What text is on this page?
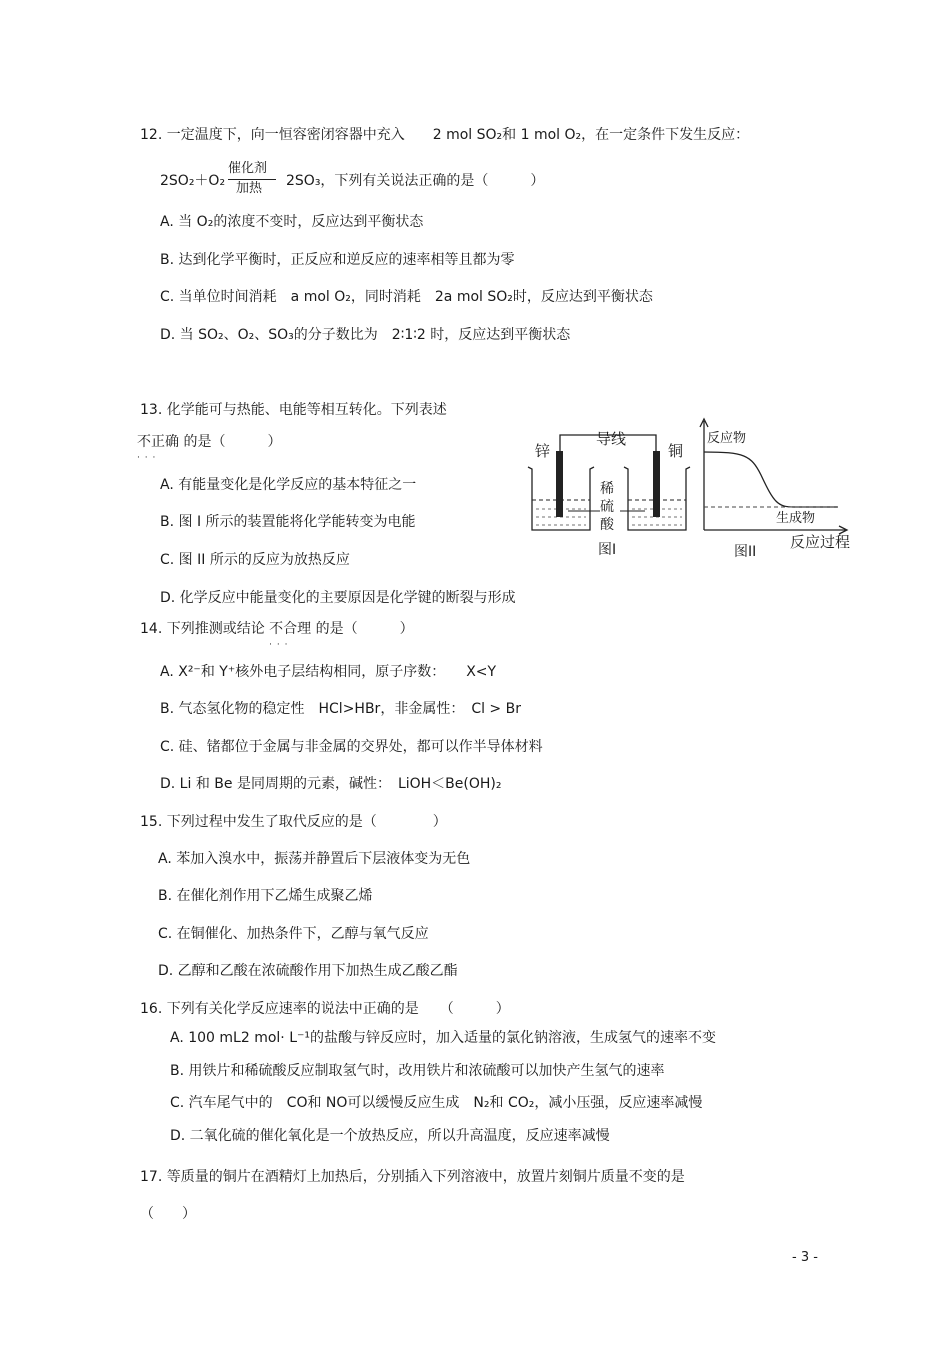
12. 一定温度下，向一恒容密闭容器中充入　　2 mol SO₂和 1 mol O₂，在一定条件下发生反应：
2SO₂＋O₂
催化剂
加热 2SO₃，下列有关说法正确的是（　　　）
A. 当 O₂的浓度不变时，反应达到平衡状态
B. 达到化学平衡时，正反应和逆反应的速率相等且都为零
C. 当单位时间消耗　a mol O₂，同时消耗　2a mol SO₂时，反应达到平衡状态
D. 当 SO₂、O₂、SO₃的分子数比为　2∶1∶2 时，反应达到平衡状态
13. 化学能可与热能、电能等相互转化。下列表述
不正确 · · · 的是（　　　）
A. 有能量变化是化学反应的基本特征之一
B. 图 I 所示的装置能将化学能转变为电能
C. 图 II 所示的反应为放热反应
D. 化学反应中能量变化的主要原因是化学键的断裂与形成
锌
导线
铜
稀
硫
酸
图I
反应物
生成物
反应过程
图II
14. 下列推测或结论 不合理 · · · 的是（　　　）
A. X²⁻和 Y⁺核外电子层结构相同，原子序数：　　X<Y
B. 气态氢化物的稳定性　HCl>HBr，非金属性：　Cl > Br
C. 硅、锗都位于金属与非金属的交界处，都可以作半导体材料
D. Li 和 Be 是同周期的元素，碱性：　LiOH＜Be(OH)₂
15. 下列过程中发生了取代反应的是（　　　　）
A. 苯加入溴水中，振荡并静置后下层液体变为无色
B. 在催化剂作用下乙烯生成聚乙烯
C. 在铜催化、加热条件下，乙醇与氧气反应
D. 乙醇和乙酸在浓硫酸作用下加热生成乙酸乙酯
16. 下列有关化学反应速率的说法中正确的是　　（　　　）
A. 100 mL2 mol· L⁻¹的盐酸与锌反应时，加入适量的氯化钠溶液，生成氢气的速率不变
B. 用铁片和稀硫酸反应制取氢气时，改用铁片和浓硫酸可以加快产生氢气的速率
C. 汽车尾气中的　CO和 NO可以缓慢反应生成　N₂和 CO₂，减小压强，反应速率减慢
D. 二氧化硫的催化氧化是一个放热反应，所以升高温度，反应速率减慢
17. 等质量的铜片在酒精灯上加热后，分别插入下列溶液中，放置片刻铜片质量不变的是
（　　）
- 3 -
